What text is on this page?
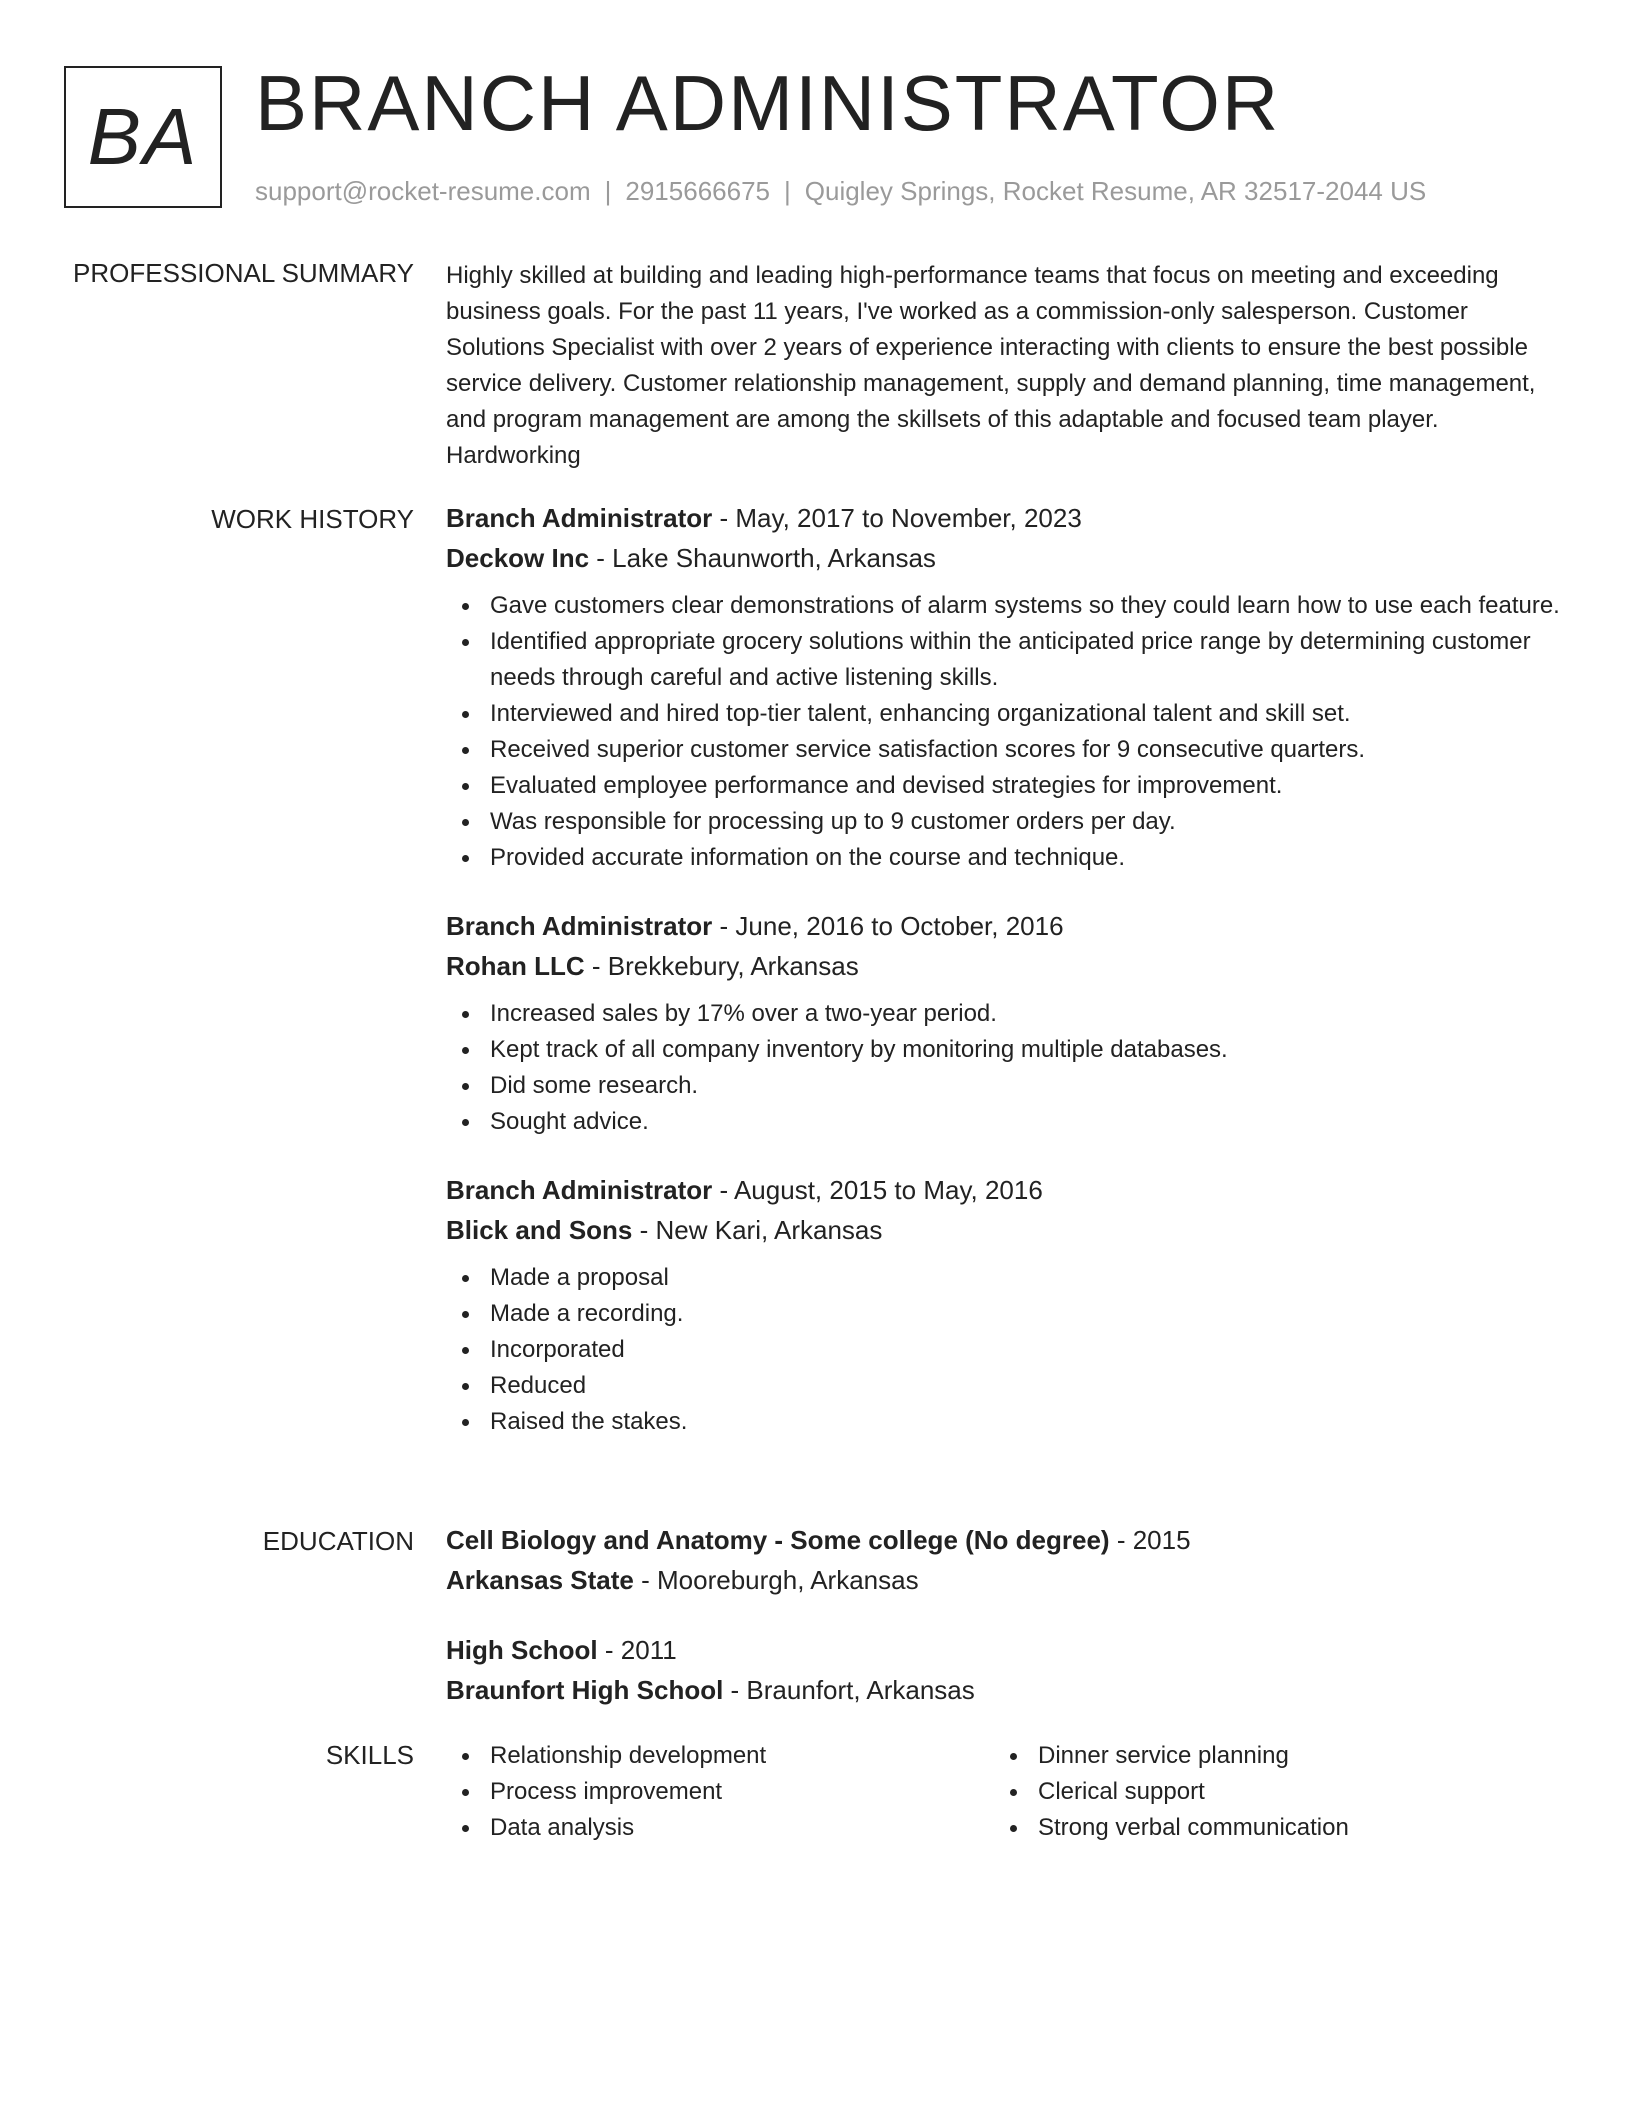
BA BRANCH ADMINISTRATOR
support@rocket-resume.com | 2915666675 | Quigley Springs, Rocket Resume, AR 32517-2044 US
PROFESSIONAL SUMMARY Highly skilled at building and leading high-performance teams that focus on meeting and exceeding business goals. For the past 11 years, I've worked as a commission-only salesperson. Customer Solutions Specialist with over 2 years of experience interacting with clients to ensure the best possible service delivery. Customer relationship management, supply and demand planning, time management, and program management are among the skillsets of this adaptable and focused team player. Hardworking

WORK HISTORY Branch Administrator - May, 2017 to November, 2023
Deckow Inc - Lake Shaunworth, Arkansas
Gave customers clear demonstrations of alarm systems so they could learn how to use each feature.
Identified appropriate grocery solutions within the anticipated price range by determining customer needs through careful and active listening skills.
Interviewed and hired top-tier talent, enhancing organizational talent and skill set.
Received superior customer service satisfaction scores for 9 consecutive quarters.
Evaluated employee performance and devised strategies for improvement.
Was responsible for processing up to 9 customer orders per day.
Provided accurate information on the course and technique.
Branch Administrator - June, 2016 to October, 2016
Rohan LLC - Brekkebury, Arkansas
Increased sales by 17% over a two-year period.
Kept track of all company inventory by monitoring multiple databases.
Did some research.
Sought advice.
Branch Administrator - August, 2015 to May, 2016
Blick and Sons - New Kari, Arkansas
Made a proposal
Made a recording.
Incorporated
Reduced
Raised the stakes.
EDUCATION Cell Biology and Anatomy - Some college (No degree) - 2015
Arkansas State - Mooreburgh, Arkansas
High School - 2011
Braunfort High School - Braunfort, Arkansas
SKILLS	Relationship development
Process improvement
Data analysis
Dinner service planning
Clerical support
Strong verbal communication
